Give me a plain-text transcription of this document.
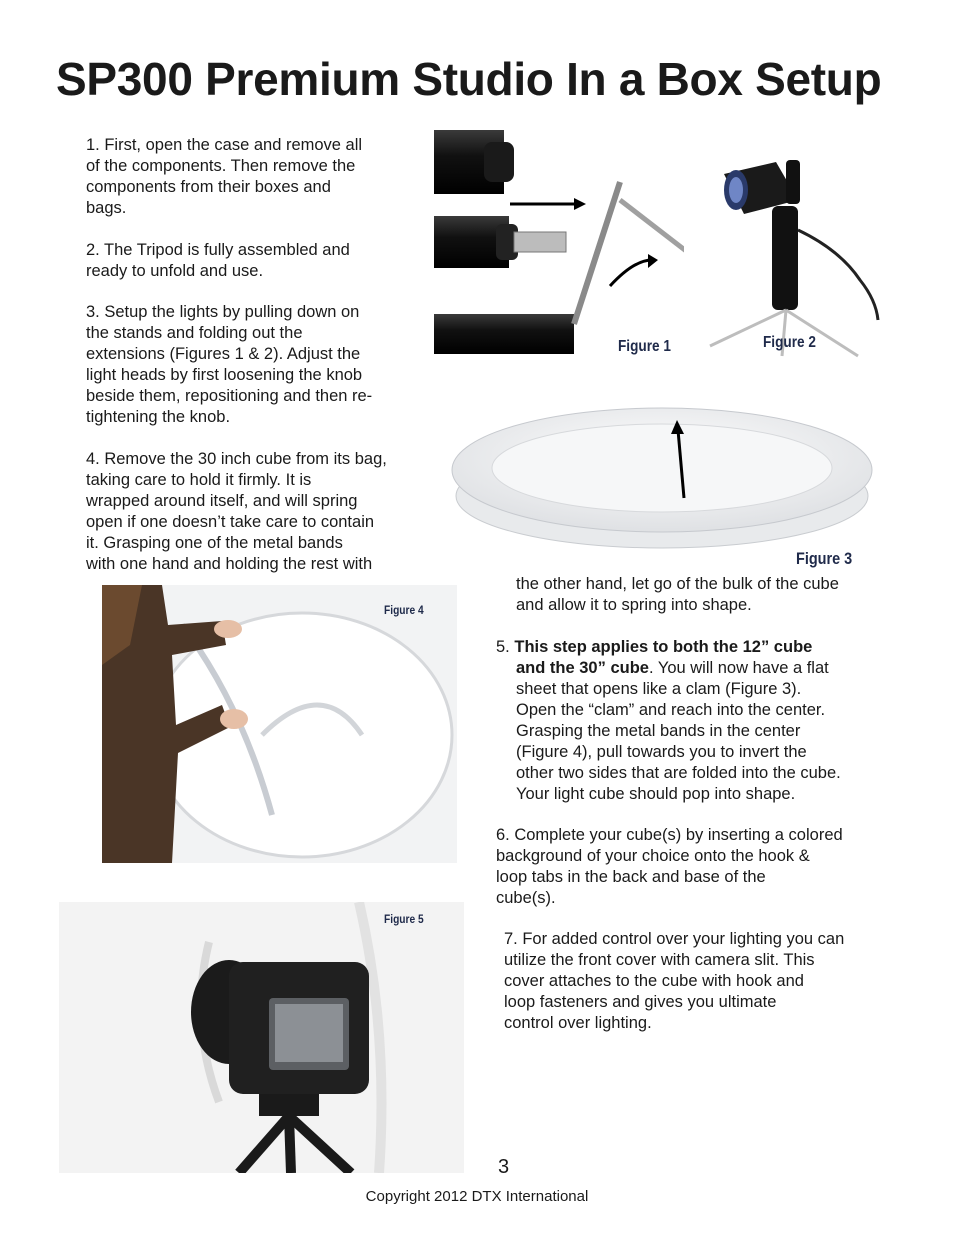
SP300 Premium Studio In a Box Setup

1. First, open the case and remove all
of the components. Then remove the
components from their boxes and
bags.

2. The Tripod is fully assembled and
ready to unfold and use.

3. Setup the lights by pulling down on
the stands and folding out the
extensions (Figures 1 & 2). Adjust the
light heads by first loosening the knob
beside them, repositioning and then re-
tightening the knob.

4. Remove the 30 inch cube from its bag,
taking care to hold it firmly. It is
wrapped around itself, and will spring
open if one doesn’t take care to contain
it. Grasping one of the metal bands
with one hand and holding the rest with

the other hand, let go of the bulk of the cube
and allow it to spring into shape.

5. This step applies to both the 12” cube
and the 30” cube. You will now have a flat
sheet that opens like a clam (Figure 3).
Open the “clam” and reach into the center.
Grasping the metal bands in the center
(Figure 4), pull towards you to invert the
other two sides that are folded into the cube.
Your light cube should pop into shape.

6. Complete your cube(s) by inserting a colored
background of your choice onto the hook &
loop tabs in the back and base of the
cube(s).

7. For added control over your lighting you can
utilize the front cover with camera slit. This
cover attaches to the cube with hook and
loop fasteners and gives you ultimate
control over lighting.

Figure 1	Figure 2
Figure 3
Figure 4
Figure 5
3
Copyright 2012 DTX International
